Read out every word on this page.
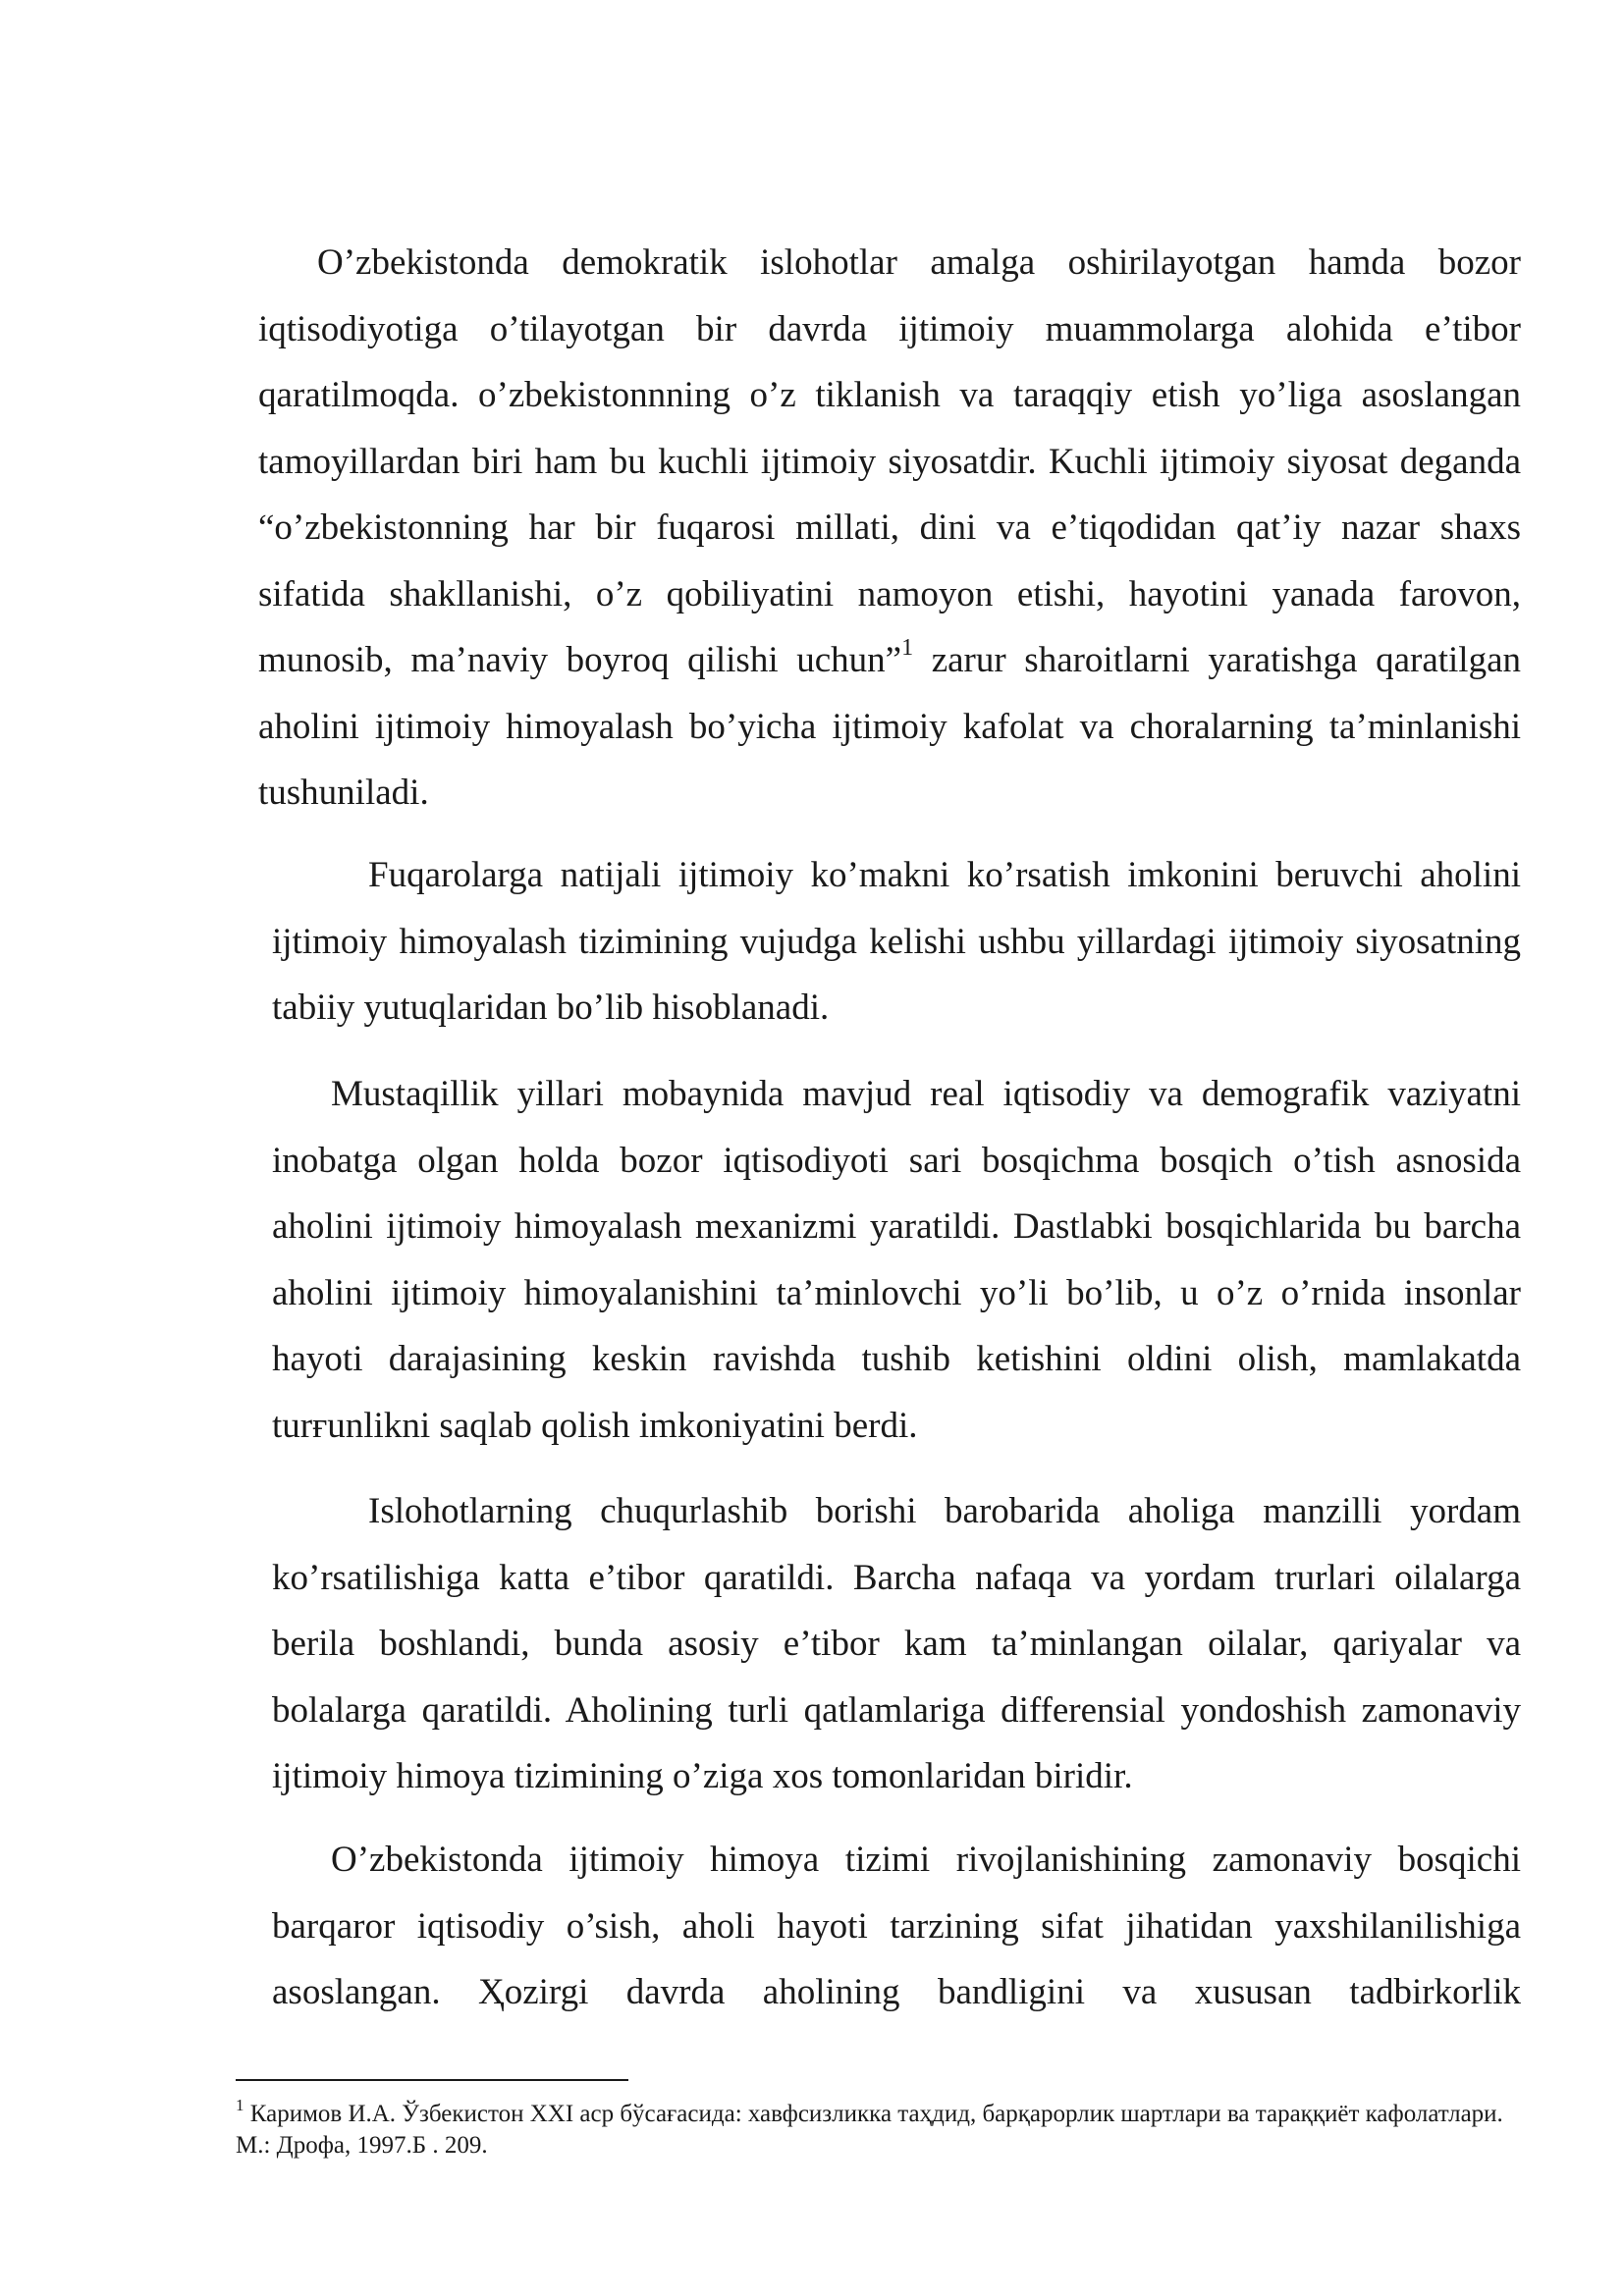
O’zbekistonda demokratik islohotlar amalga oshirilayotgan hamda bozor iqtisodiyotiga o’tilayotgan bir davrda ijtimoiy muammolarga alohida e’tibor qaratilmoqda. o’zbekistonnning o’z tiklanish va taraqqiy etish yo’liga asoslangan tamoyillardan biri ham bu kuchli ijtimoiy siyosatdir. Kuchli ijtimoiy siyosat deganda “o’zbekistonning har bir fuqarosi millati, dini va e’tiqodidan qat’iy nazar shaxs sifatida shakllanishi, o’z qobiliyatini namoyon etishi, hayotini yanada farovon, munosib, ma’naviy boyroq qilishi uchun”$^1$ zarur sharoitlarni yaratishga qaratilgan aholini ijtimoiy himoyalash bo’yicha ijtimoiy kafolat va choralarning ta’minlanishi tushuniladi.

Fuqarolarga natijali ijtimoiy ko’makni ko’rsatish imkonini beruvchi aholini ijtimoiy himoyalash tizimining vujudga kelishi ushbu yillardagi ijtimoiy siyosatning tabiiy yutuqlaridan bo’lib hisoblanadi.

Mustaqillik yillari mobaynida mavjud real iqtisodiy va demografik vaziyatni inobatga olgan holda bozor iqtisodiyoti sari bosqichma bosqich o’tish asnosida aholini ijtimoiy himoyalash mexanizmi yaratildi. Dastlabki bosqichlarida bu barcha aholini ijtimoiy himoyalanishini ta’minlovchi yo’li bo’lib, u o’z o’rnida insonlar hayoti darajasining keskin ravishda tushib ketishini oldini olish, mamlakatda turғunlikni saqlab qolish imkoniyatini berdi.

Islohotlarning chuqurlashib borishi barobarida aholiga manzilli yordam ko’rsatilishiga katta e’tibor qaratildi. Barcha nafaqa va yordam trurlari oilalarga berila boshlandi, bunda asosiy e’tibor kam ta’minlangan oilalar, qariyalar va bolalarga qaratildi. Aholining turli qatlamlariga differensial yondoshish zamonaviy ijtimoiy himoya tizimining o’ziga xos tomonlaridan biridir.

O’zbekistonda ijtimoiy himoya tizimi rivojlanishining zamonaviy bosqichi barqaror iqtisodiy o’sish, aholi hayoti tarzining sifat jihatidan yaxshilanilishiga asoslangan. Ҳozirgi davrda aholining bandligini va xususan tadbirkorlik

$^1$ Каримов И.А. Ўзбекистон XXI аср бўсағасида: хавфсизликка таҳдид, барқарорлик шартлари ва тараққиёт кафолатлари. М.: Дрофа, 1997.Б . 209.
